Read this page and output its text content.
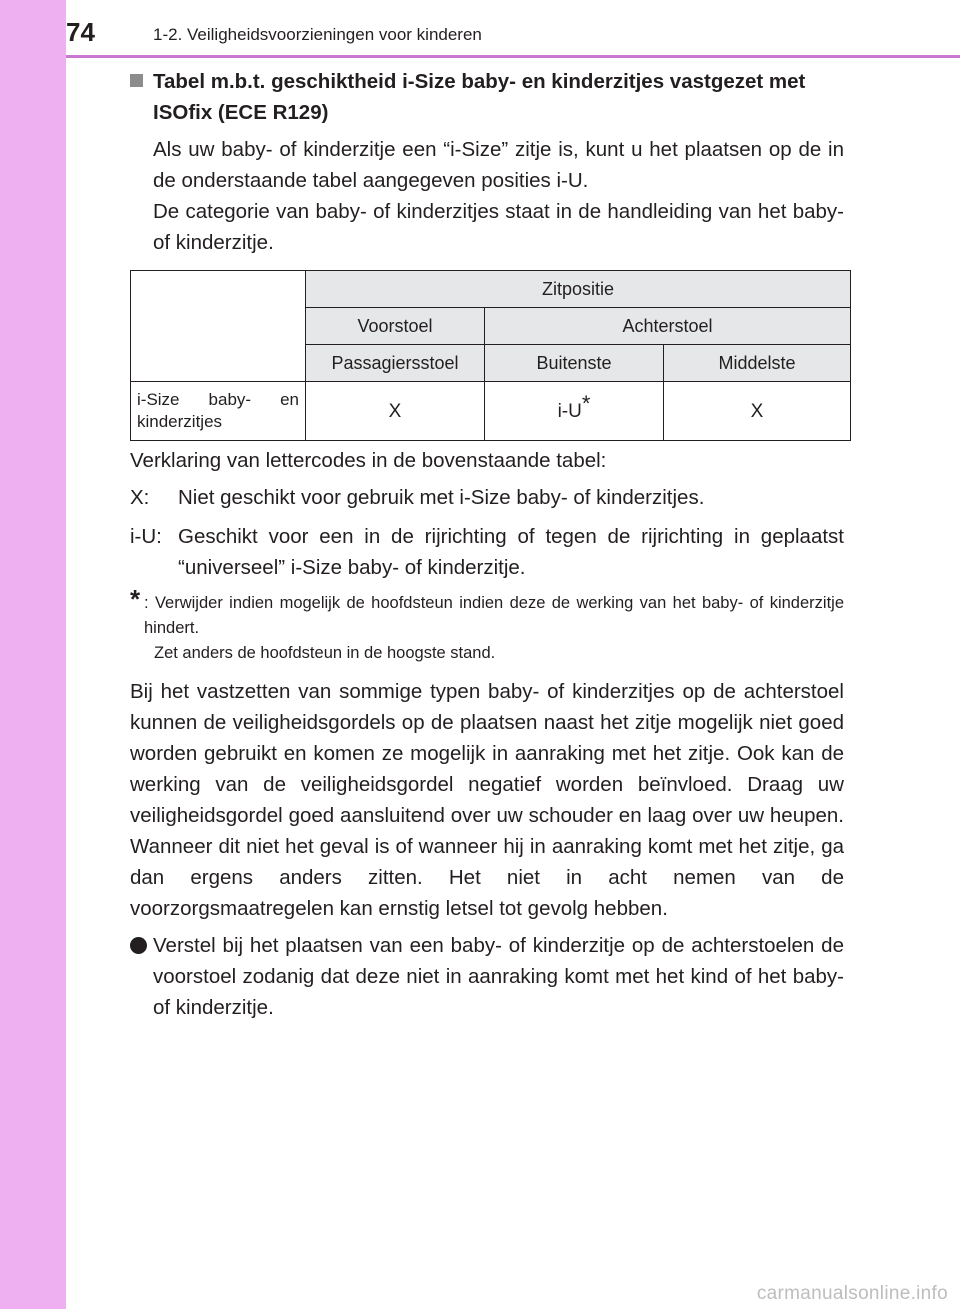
74	1-2. Veiligheidsvoorzieningen voor kinderen
Tabel m.b.t. geschiktheid i-Size baby- en kinderzitjes vastgezet met ISOfix (ECE R129)

Als uw baby- of kinderzitje een “i-Size” zitje is, kunt u het plaatsen op de in de onderstaande tabel aangegeven posities i-U.

De categorie van baby- of kinderzitjes staat in de handleiding van het baby- of kinderzitje.

	Zitpositie		
	Voorstoel	Achterstoel	
	Passagiersstoel	Buitenste	Middelste
i-Size baby- en kinderzitjes	X	i-U*	X

Verklaring van lettercodes in de bovenstaande tabel:

X: Niet geschikt voor gebruik met i-Size baby- of kinderzitjes.
i-U: Geschikt voor een in de rijrichting of tegen de rijrichting in geplaatst “universeel” i-Size baby- of kinderzitje.
* : Verwijder indien mogelijk de hoofdsteun indien deze de werking van het baby- of kinderzitje hindert.
Zet anders de hoofdsteun in de hoogste stand.

Bij het vastzetten van sommige typen baby- of kinderzitjes op de achterstoel kunnen de veiligheidsgordels op de plaatsen naast het zitje mogelijk niet goed worden gebruikt en komen ze mogelijk in aanraking met het zitje. Ook kan de werking van de veiligheidsgordel negatief worden beïnvloed. Draag uw veiligheidsgordel goed aansluitend over uw schouder en laag over uw heupen. Wanneer dit niet het geval is of wanneer hij in aanraking komt met het zitje, ga dan ergens anders zitten. Het niet in acht nemen van de voorzorgsmaatregelen kan ernstig letsel tot gevolg hebben.

Verstel bij het plaatsen van een baby- of kinderzitje op de achterstoelen de voorstoel zodanig dat deze niet in aanraking komt met het kind of het baby- of kinderzitje.
carmanualsonline.info
